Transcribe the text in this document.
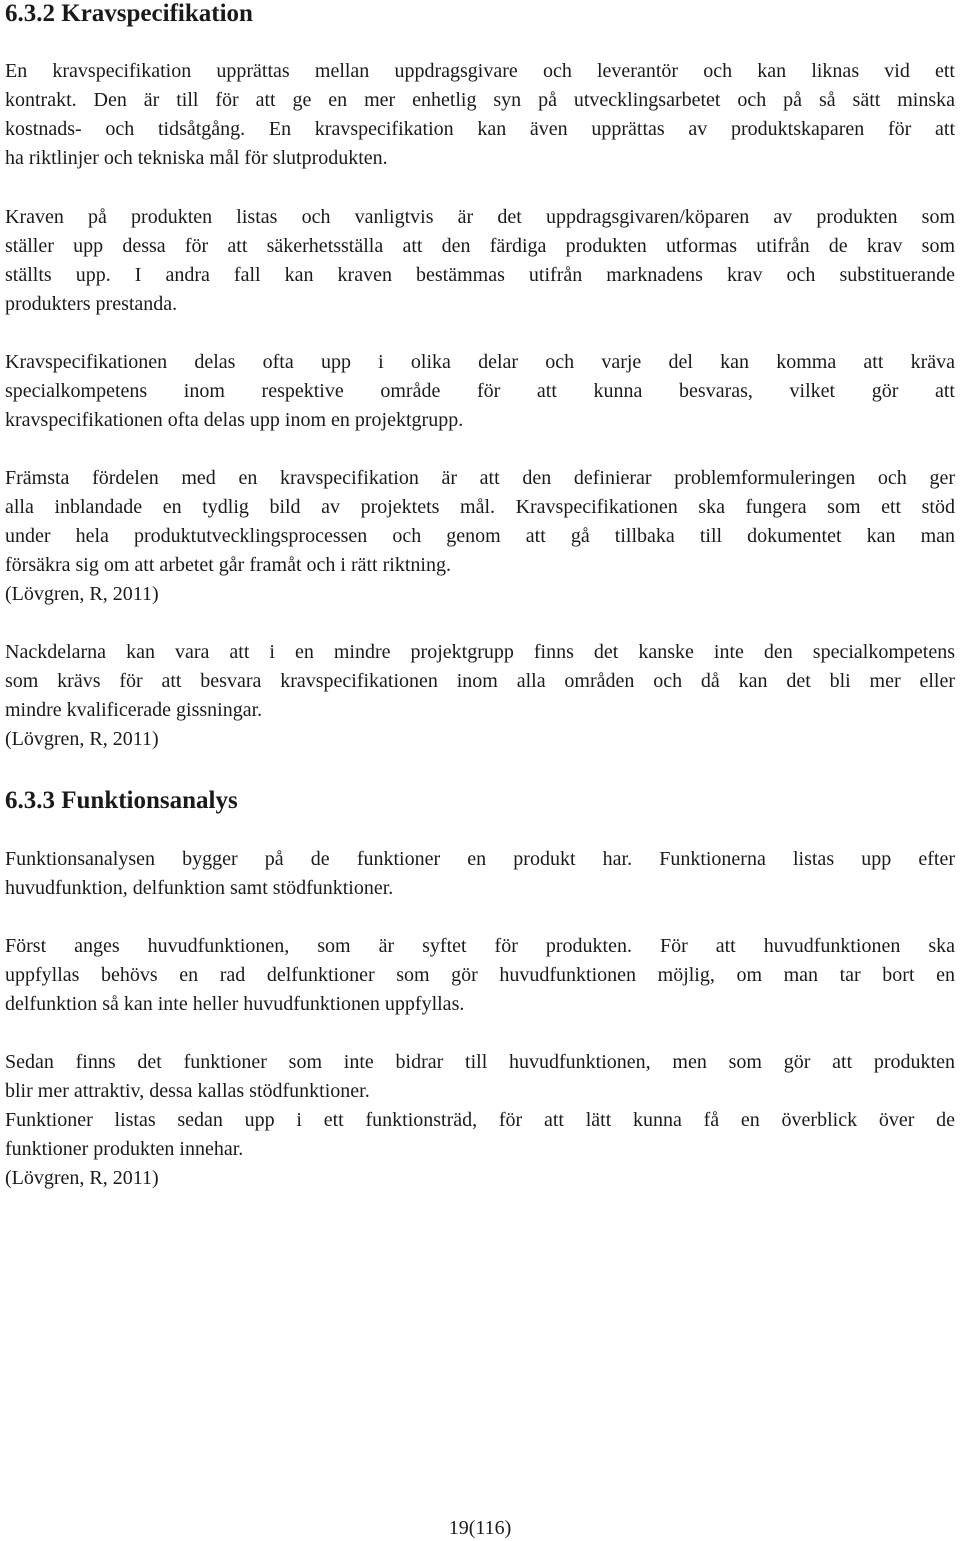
6.3.2 Kravspecifikation

En kravspecifikation upprättas mellan uppdragsgivare och leverantör och kan liknas vid ett
kontrakt. Den är till för att ge en mer enhetlig syn på utvecklingsarbetet och på så sätt minska
kostnads- och tidsåtgång. En kravspecifikation kan även upprättas av produktskaparen för att
ha riktlinjer och tekniska mål för slutprodukten.

Kraven på produkten listas och vanligtvis är det uppdragsgivaren/köparen av produkten som
ställer upp dessa för att säkerhetsställa att den färdiga produkten utformas utifrån de krav som
ställts upp. I andra fall kan kraven bestämmas utifrån marknadens krav och substituerande
produkters prestanda.

Kravspecifikationen delas ofta upp i olika delar och varje del kan komma att kräva
specialkompetens inom respektive område för att kunna besvaras, vilket gör att
kravspecifikationen ofta delas upp inom en projektgrupp.

Främsta fördelen med en kravspecifikation är att den definierar problemformuleringen och ger
alla inblandade en tydlig bild av projektets mål. Kravspecifikationen ska fungera som ett stöd
under hela produktutvecklingsprocessen och genom att gå tillbaka till dokumentet kan man
försäkra sig om att arbetet går framåt och i rätt riktning.
(Lövgren, R, 2011)

Nackdelarna kan vara att i en mindre projektgrupp finns det kanske inte den specialkompetens
som krävs för att besvara kravspecifikationen inom alla områden och då kan det bli mer eller
mindre kvalificerade gissningar.
(Lövgren, R, 2011)

6.3.3 Funktionsanalys

Funktionsanalysen bygger på de funktioner en produkt har. Funktionerna listas upp efter
huvudfunktion, delfunktion samt stödfunktioner.

Först anges huvudfunktionen, som är syftet för produkten. För att huvudfunktionen ska
uppfyllas behövs en rad delfunktioner som gör huvudfunktionen möjlig, om man tar bort en
delfunktion så kan inte heller huvudfunktionen uppfyllas.

Sedan finns det funktioner som inte bidrar till huvudfunktionen, men som gör att produkten
blir mer attraktiv, dessa kallas stödfunktioner.
Funktioner listas sedan upp i ett funktionsträd, för att lätt kunna få en överblick över de
funktioner produkten innehar.
(Lövgren, R, 2011)

19(116)
